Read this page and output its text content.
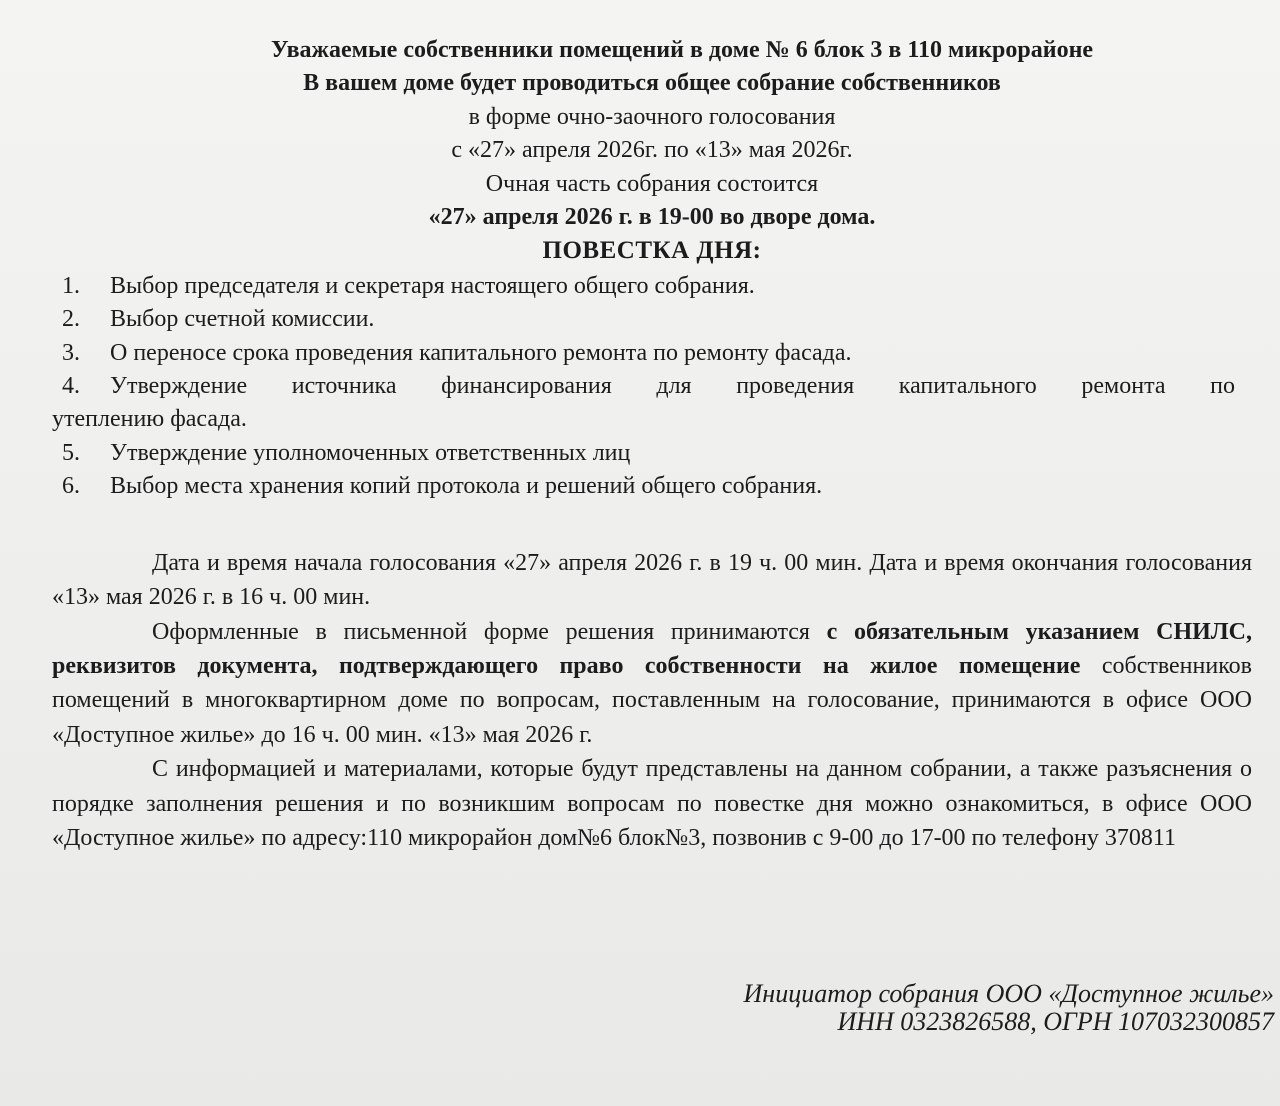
Уважаемые собственники помещений в доме № 6 блок 3 в 110 микрорайоне
В вашем доме будет проводиться общее собрание собственников
в форме очно-заочного голосования
с «27» апреля 2026г. по «13» мая 2026г.
Очная часть собрания состоится
«27» апреля 2026 г. в 19-00 во дворе дома.
ПОВЕСТКА ДНЯ:
1. Выбор председателя и секретаря настоящего общего собрания.
2. Выбор счетной комиссии.
3. О переносе срока проведения капитального ремонта по ремонту фасада.
4. Утверждение источника финансирования для проведения капитального ремонта по
утеплению фасада.
5. Утверждение уполномоченных ответственных лиц
6. Выбор места хранения копий протокола и решений общего собрания.

Дата и время начала голосования «27» апреля 2026 г. в 19 ч. 00 мин. Дата и время окончания голосования «13» мая 2026 г. в 16 ч. 00 мин.

Оформленные в письменной форме решения принимаются с обязательным указанием СНИЛС, реквизитов документа, подтверждающего право собственности на жилое помещение собственников помещений в многоквартирном доме по вопросам, поставленным на голосование, принимаются в офисе ООО «Доступное жилье» до 16 ч. 00 мин. «13» мая 2026 г.

С информацией и материалами, которые будут представлены на данном собрании, а также разъяснения о порядке заполнения решения и по возникшим вопросам по повестке дня можно ознакомиться, в офисе ООО «Доступное жилье» по адресу:110 микрорайон дом№6 блок№3, позвонив с 9-00 до 17-00 по телефону 370811

Инициатор собрания ООО «Доступное жилье»
ИНН 0323826588, ОГРН 107032300857
